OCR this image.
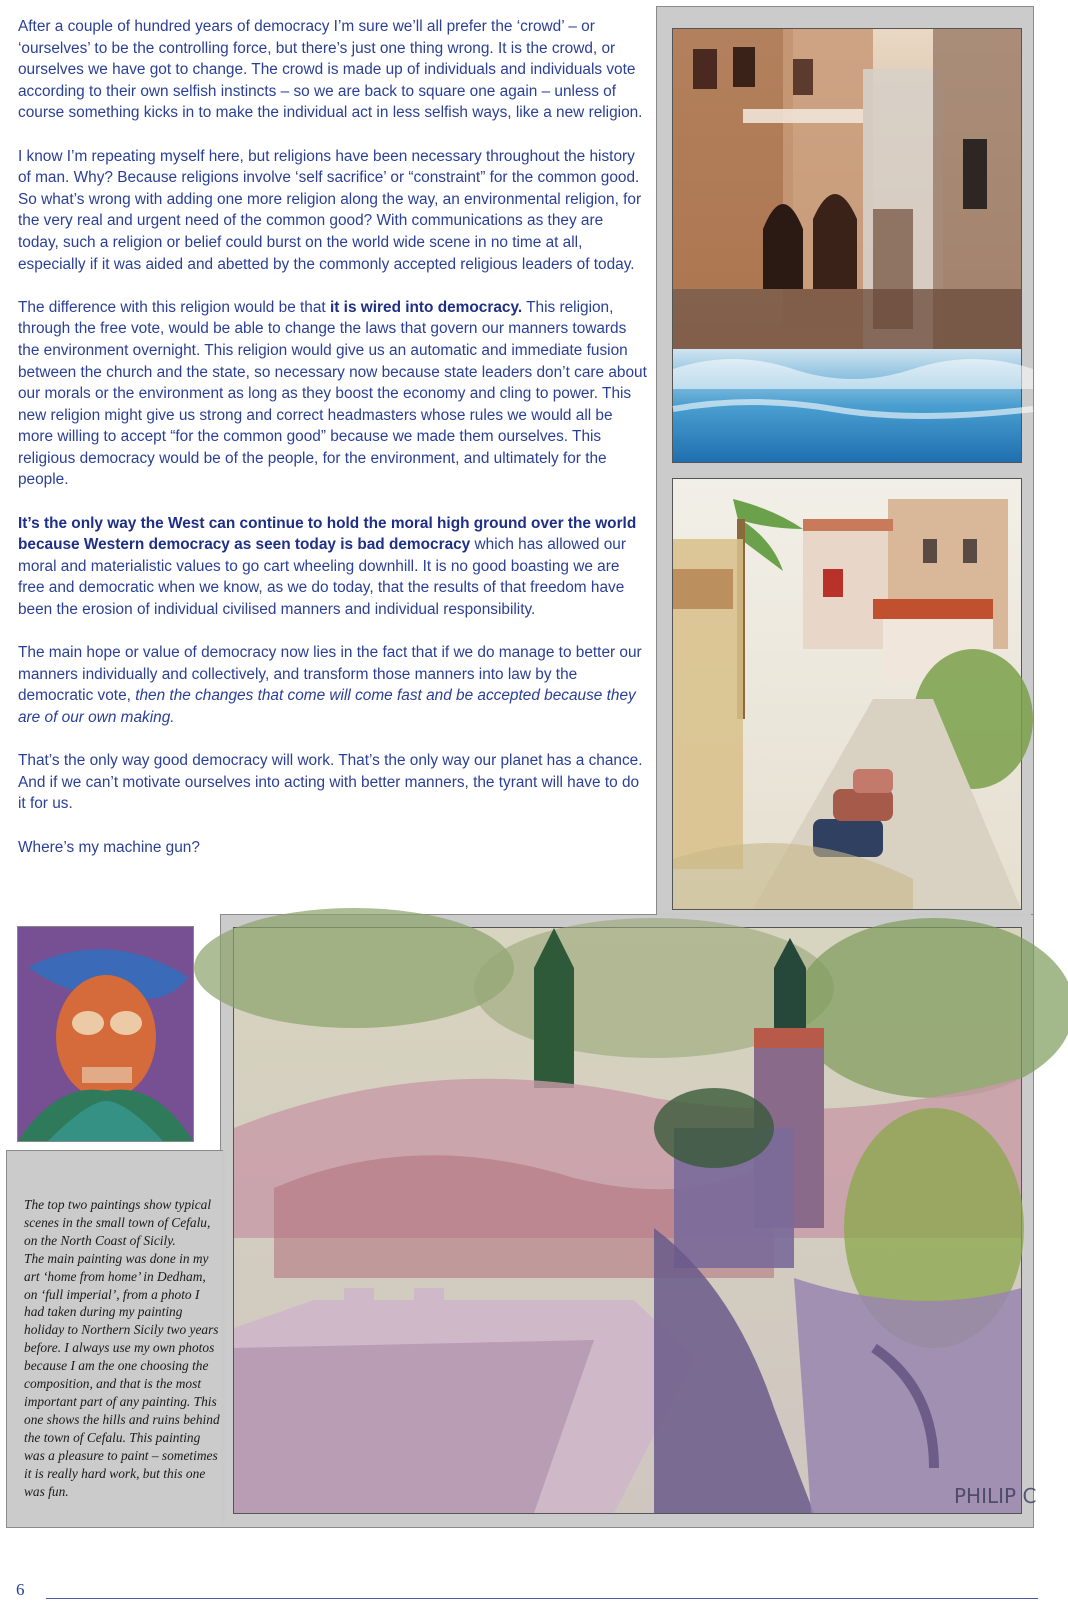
After a couple of hundred years of democracy I’m sure we’ll all prefer the ‘crowd’ – or ‘ourselves’ to be the controlling force, but there’s just one thing wrong. It is the crowd, or ourselves we have got to change. The crowd is made up of individuals and individuals vote according to their own selfish instincts – so we are back to square one again – unless of course something kicks in to make the individual act in less selfish ways, like a new religion.

I know I’m repeating myself here, but religions have been necessary throughout the history of man. Why? Because religions involve ‘self sacrifice’ or “constraint” for the common good. So what’s wrong with adding one more religion along the way, an environmental religion, for the very real and urgent need of the common good? With communications as they are today, such a religion or belief could burst on the world wide scene in no time at all, especially if it was aided and abetted by the commonly accepted religious leaders of today.

The difference with this religion would be that it is wired into democracy. This religion, through the free vote, would be able to change the laws that govern our manners towards the environment overnight. This religion would give us an automatic and immediate fusion between the church and the state, so necessary now because state leaders don’t care about our morals or the environment as long as they boost the economy and cling to power. This new religion might give us strong and correct headmasters whose rules we would all be more willing to accept “for the common good” because we made them ourselves. This religious democracy would be of the people, for the environment, and ultimately for the people.

It’s the only way the West can continue to hold the moral high ground over the world because Western democracy as seen today is bad democracy which has allowed our moral and materialistic values to go cart wheeling downhill. It is no good boasting we are free and democratic when we know, as we do today, that the results of that freedom have been the erosion of individual civilised manners and individual responsibility.

The main hope or value of democracy now lies in the fact that if we do manage to better our manners individually and collectively, and transform those manners into law by the democratic vote, then the changes that come will come fast and be accepted because they are of our own making.

That’s the only way good democracy will work. That’s the only way our planet has a chance. And if we can’t motivate ourselves into acting with better manners, the tyrant will have to do it for us.

Where’s my machine gun?

PHILIP C

The top two paintings show typical scenes in the small town of Cefalu, on the North Coast of Sicily.

The main painting was done in my art ‘home from home’ in Dedham, on ‘full imperial’, from a photo I had taken during my painting holiday to Northern Sicily two years before. I always use my own photos because I am the one choosing the composition, and that is the most important part of any painting. This one shows the hills and ruins behind the town of Cefalu. This painting was a pleasure to paint – sometimes it is really hard work, but this one was fun.

6
